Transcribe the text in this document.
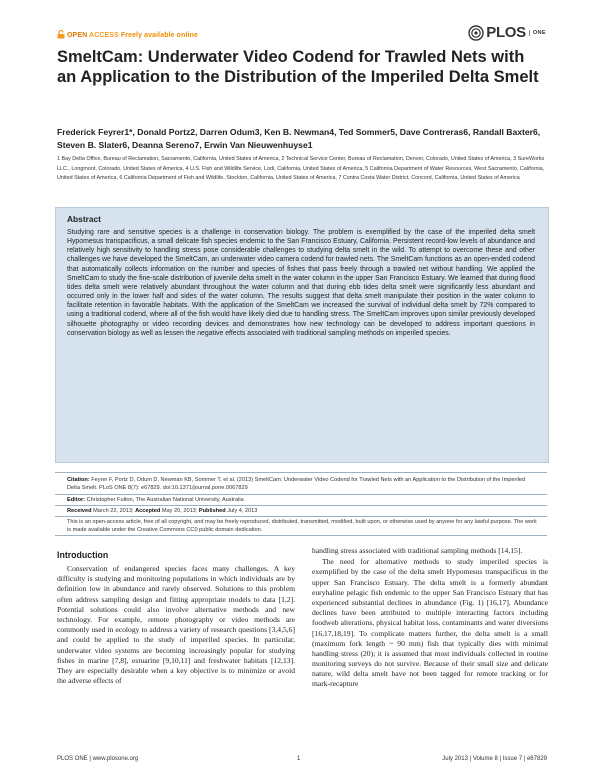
OPEN ACCESS Freely available online	PLOS	ONE
SmeltCam: Underwater Video Codend for Trawled Nets with an Application to the Distribution of the Imperiled Delta Smelt
Frederick Feyrer1*, Donald Portz2, Darren Odum3, Ken B. Newman4, Ted Sommer5, Dave Contreras6, Randall Baxter6, Steven B. Slater6, Deanna Sereno7, Erwin Van Nieuwenhuyse1
1 Bay Delta Office, Bureau of Reclamation, Sacramento, California, United States of America, 2 Technical Service Center, Bureau of Reclamation, Denver, Colorado, United States of America, 3 SureWorks LLC., Longmont, Colorado, United States of America, 4 U.S. Fish and Wildlife Service, Lodi, California, United States of America, 5 California Department of Water Resources, West Sacramento, California, United States of America, 6 California Department of Fish and Wildlife, Stockton, California, United States of America, 7 Contra Costa Water District, Concord, California, United States of America
Abstract
Studying rare and sensitive species is a challenge in conservation biology. The problem is exemplified by the case of the imperiled delta smelt Hypomesus transpacificus, a small delicate fish species endemic to the San Francisco Estuary, California. Persistent record-low levels of abundance and relatively high sensitivity to handling stress pose considerable challenges to studying delta smelt in the wild. To attempt to overcome these and other challenges we have developed the SmeltCam, an underwater video camera codend for trawled nets. The SmeltCam functions as an open-ended codend that automatically collects information on the number and species of fishes that pass freely through a trawled net without handling. We applied the SmeltCam to study the fine-scale distribution of juvenile delta smelt in the water column in the upper San Francisco Estuary. We learned that during flood tides delta smelt were relatively abundant throughout the water column and that during ebb tides delta smelt were significantly less abundant and occurred only in the lower half and sides of the water column. The results suggest that delta smelt manipulate their position in the water column to facilitate retention in favorable habitats. With the application of the SmeltCam we increased the survival of individual delta smelt by 72% compared to using a traditional codend, where all of the fish would have likely died due to handling stress. The SmeltCam improves upon similar previously developed silhouette photography or video recording devices and demonstrates how new technology can be developed to address important questions in conservation biology as well as lessen the negative effects associated with traditional sampling methods on imperiled species.
Citation: Feyrer F, Portz D, Odum D, Newman KB, Sommer T, et al. (2013) SmeltCam: Underwater Video Codend for Trawled Nets with an Application to the Distribution of the Imperiled Delta Smelt. PLoS ONE 8(7): e67829. doi:10.1371/journal.pone.0067829
Editor: Christopher Fulton, The Australian National University, Australia
Received March 22, 2013; Accepted May 20, 2013; Published July 4, 2013
This is an open-access article, free of all copyright, and may be freely reproduced, distributed, transmitted, modified, built upon, or otherwise used by anyone for any lawful purpose. The work is made available under the Creative Commons CC0 public domain dedication.
Introduction
Conservation of endangered species faces many challenges. A key difficulty is studying and monitoring populations in which individuals are by definition low in abundance and rarely observed. Solutions to this problem often address sampling design and fitting appropriate models to data [1,2]. Potential solutions could also involve alternative methods and new technology. For example, remote photography or video methods are commonly used in ecology to address a variety of research questions [3,4,5,6] and could be applied to the study of imperiled species. In particular, underwater video systems are becoming increasingly popular for studying fishes in marine [7,8], estuarine [9,10,11] and freshwater habitats [12,13]. They are especially desirable when a key objective is to minimize or avoid the adverse effects of

handling stress associated with traditional sampling methods [14,15].

The need for alternative methods to study imperiled species is exemplified by the case of the delta smelt Hypomesus transpacificus in the upper San Francisco Estuary. The delta smelt is a formerly abundant euryhaline pelagic fish endemic to the upper San Francisco Estuary that has experienced substantial declines in abundance (Fig. 1) [16,17]. Abundance declines have been attributed to multiple interacting factors including foodweb alterations, physical habitat loss, contaminants and water diversions [16,17,18,19]. To complicate matters further, the delta smelt is a small (maximum fork length ~ 90 mm) fish that typically dies with minimal handling stress (20); it is assumed that most individuals collected in routine monitoring surveys do not survive. Because of their small size and delicate nature, wild delta smelt have not been tagged for remote tracking or for mark-recapture

PLOS ONE | www.plosone.org	1	July 2013 | Volume 8 | Issue 7 | e67829
